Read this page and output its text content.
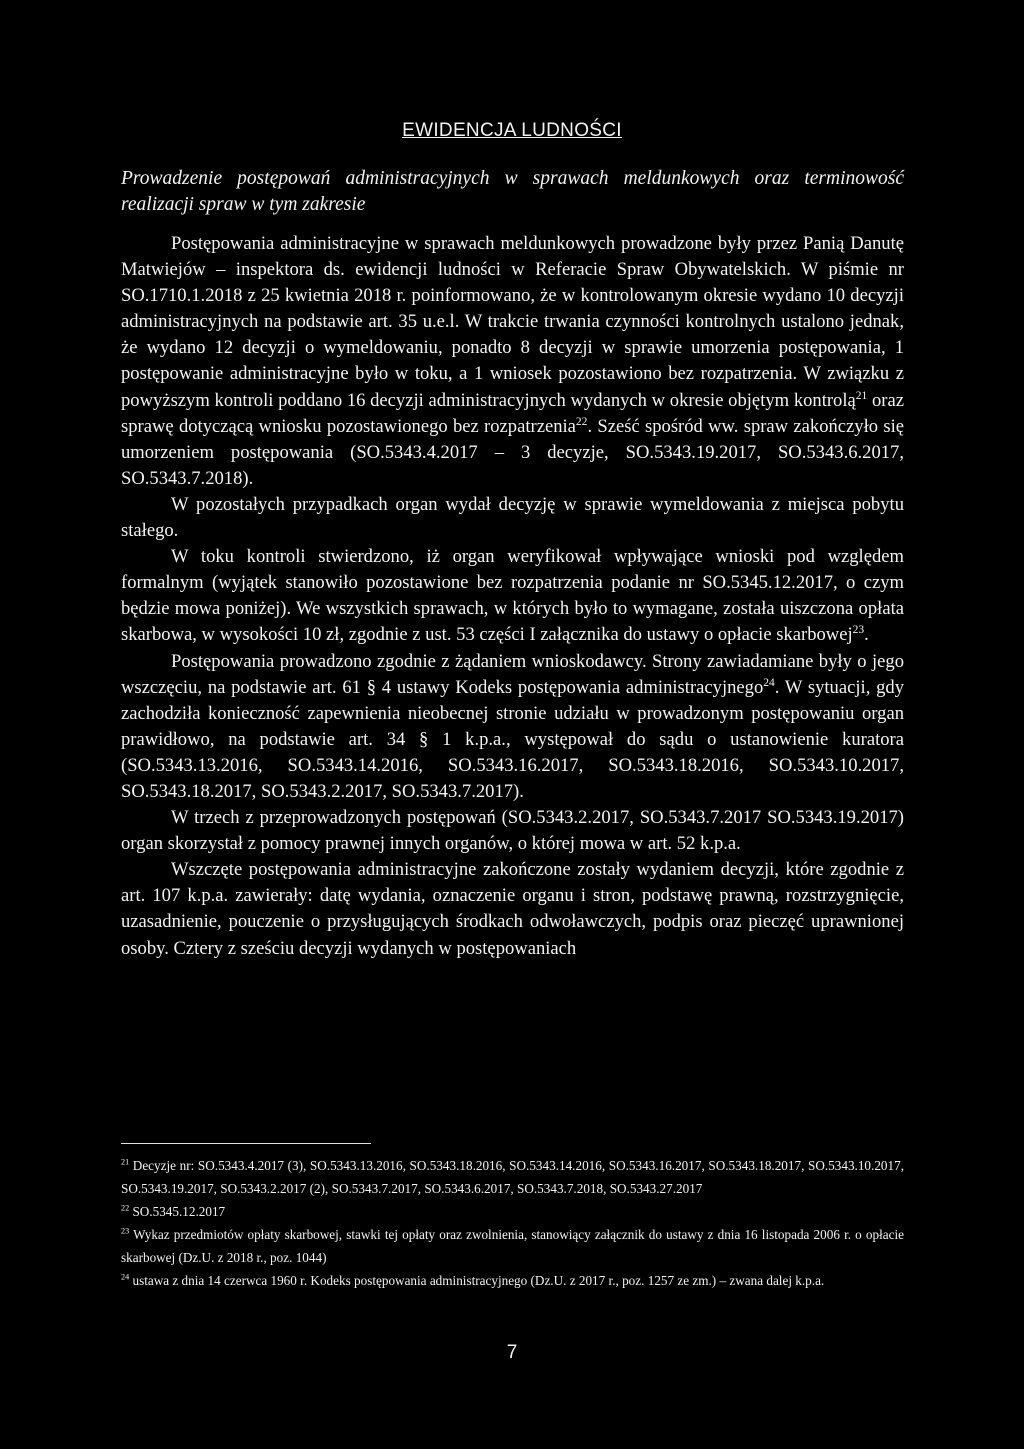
EWIDENCJA LUDNOŚCI
Prowadzenie postępowań administracyjnych w sprawach meldunkowych oraz terminowość realizacji spraw w tym zakresie

Postępowania administracyjne w sprawach meldunkowych prowadzone były przez Panią Danutę Matwiejów – inspektora ds. ewidencji ludności w Referacie Spraw Obywatelskich. W piśmie nr SO.1710.1.2018 z 25 kwietnia 2018 r. poinformowano, że w kontrolowanym okresie wydano 10 decyzji administracyjnych na podstawie art. 35 u.e.l. W trakcie trwania czynności kontrolnych ustalono jednak, że wydano 12 decyzji o wymeldowaniu, ponadto 8 decyzji w sprawie umorzenia postępowania, 1 postępowanie administracyjne było w toku, a 1 wniosek pozostawiono bez rozpatrzenia. W związku z powyższym kontroli poddano 16 decyzji administracyjnych wydanych w okresie objętym kontrolą$^{21}$ oraz sprawę dotyczącą wniosku pozostawionego bez rozpatrzenia$^{22}$. Sześć spośród ww. spraw zakończyło się umorzeniem postępowania (SO.5343.4.2017 – 3 decyzje, SO.5343.19.2017, SO.5343.6.2017, SO.5343.7.2018).

W pozostałych przypadkach organ wydał decyzję w sprawie wymeldowania z miejsca pobytu stałego.

W toku kontroli stwierdzono, iż organ weryfikował wpływające wnioski pod względem formalnym (wyjątek stanowiło pozostawione bez rozpatrzenia podanie nr SO.5345.12.2017, o czym będzie mowa poniżej). We wszystkich sprawach, w których było to wymagane, została uiszczona opłata skarbowa, w wysokości 10 zł, zgodnie z ust. 53 części I załącznika do ustawy o opłacie skarbowej$^{23}$.

Postępowania prowadzono zgodnie z żądaniem wnioskodawcy. Strony zawiadamiane były o jego wszczęciu, na podstawie art. 61 § 4 ustawy Kodeks postępowania administracyjnego$^{24}$. W sytuacji, gdy zachodziła konieczność zapewnienia nieobecnej stronie udziału w prowadzonym postępowaniu organ prawidłowo, na podstawie art. 34 § 1 k.p.a., występował do sądu o ustanowienie kuratora (SO.5343.13.2016, SO.5343.14.2016, SO.5343.16.2017, SO.5343.18.2016, SO.5343.10.2017, SO.5343.18.2017, SO.5343.2.2017, SO.5343.7.2017).

W trzech z przeprowadzonych postępowań (SO.5343.2.2017, SO.5343.7.2017 SO.5343.19.2017) organ skorzystał z pomocy prawnej innych organów, o której mowa w art. 52 k.p.a.

Wszczęte postępowania administracyjne zakończone zostały wydaniem decyzji, które zgodnie z art. 107 k.p.a. zawierały: datę wydania, oznaczenie organu i stron, podstawę prawną, rozstrzygnięcie, uzasadnienie, pouczenie o przysługujących środkach odwoławczych, podpis oraz pieczęć uprawnionej osoby. Cztery z sześciu decyzji wydanych w postępowaniach

$^{21}$ Decyzje nr: SO.5343.4.2017 (3), SO.5343.13.2016, SO.5343.18.2016, SO.5343.14.2016, SO.5343.16.2017, SO.5343.18.2017, SO.5343.10.2017, SO.5343.19.2017, SO.5343.2.2017 (2), SO.5343.7.2017, SO.5343.6.2017, SO.5343.7.2018, SO.5343.27.2017

$^{22}$ SO.5345.12.2017

$^{23}$ Wykaz przedmiotów opłaty skarbowej, stawki tej opłaty oraz zwolnienia, stanowiący załącznik do ustawy z dnia 16 listopada 2006 r. o opłacie skarbowej (Dz.U. z 2018 r., poz. 1044)

$^{24}$ ustawa z dnia 14 czerwca 1960 r. Kodeks postępowania administracyjnego (Dz.U. z 2017 r., poz. 1257 ze zm.) – zwana dalej k.p.a.

7
